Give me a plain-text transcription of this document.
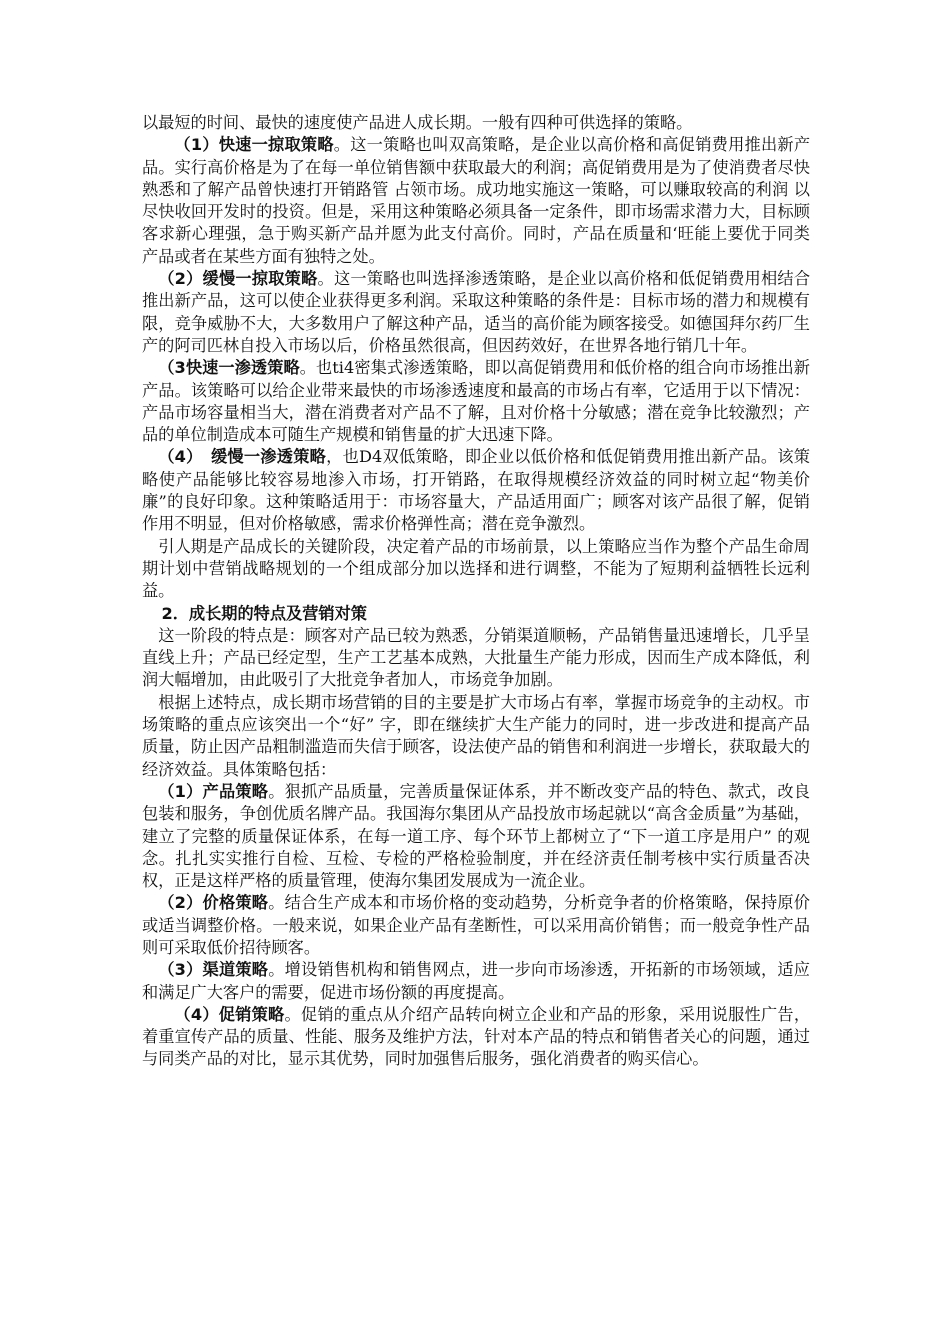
以最短的时间、最快的速度使产品进人成长期。一般有四种可供选择的策略。

（1）快速一掠取策略。这一策略也叫双高策略，是企业以高价格和高促销费用推出新产 品。实行高价格是为了在每一单位销售额中获取最大的利润；高促销费用是为了使消费者尽快熟悉和了解产品曾快速打开销路管 占领市场。成功地实施这一策略，可以赚取较高的利润 以尽快收回开发时的投资。但是，采用这种策略必须具备一定条件，即市场需求潜力大，目标顾客求新心理强，急于购买新产品并愿为此支付高价。同时，产品在质量和‘旺能上要优于同类产品或者在某些方面有独特之处。

（2）缓慢一掠取策略。这一策略也叫选择渗透策略，是企业以高价格和低促销费用相结合推出新产品，这可以使企业获得更多利润。采取这种策略的条件是：目标市场的潜力和规模有限，竞争威胁不大，大多数用户了解这种产品，适当的高价能为顾客接受。如德国拜尔药厂生产的阿司匹林自投入市场以后，价格虽然很高，但因药效好，在世界各地行销几十年。

（3快速一渗透策略。也ti4密集式渗透策略，即以高促销费用和低价格的组合向市场推出新产品。该策略可以给企业带来最快的市场渗透速度和最高的市场占有率，它适用于以下情况：产品市场容量相当大，潜在消费者对产品不了解，且对价格十分敏感；潜在竞争比较激烈；产品的单位制造成本可随生产规模和销售量的扩大迅速下降。

（4）　缓慢一渗透策略，也D4双低策略，即企业以低价格和低促销费用推出新产品。该策略使产品能够比较容易地渗入市场，打开销路，在取得规模经济效益的同时树立起“物美价廉”的良好印象。这种策略适用于：市场容量大，产品适用面广；顾客对该产品很了解，促销作用不明显，但对价格敏感，需求价格弹性高；潜在竞争激烈。

引人期是产品成长的关键阶段，决定着产品的市场前景，以上策略应当作为整个产品生命周期计划中营销战略规划的一个组成部分加以选择和进行调整，不能为了短期利益牺牲长远利益。

2．成长期的特点及营销对策

这一阶段的特点是：顾客对产品已较为熟悉，分销渠道顺畅，产品销售量迅速增长，几乎呈直线上升；产品已经定型，生产工艺基本成熟，大批量生产能力形成，因而生产成本降低，利润大幅增加，由此吸引了大批竞争者加人，市场竞争加剧。

根据上述特点，成长期市场营销的目的主要是扩大市场占有率，掌握市场竞争的主动权。市场策略的重点应该突出一个“好” 字，即在继续扩大生产能力的同时，进一步改进和提高产品质量，防止因产品粗制滥造而失信于顾客，设法使产品的销售和利润进一步增长，获取最大的经济效益。具体策略包括：

（1）产品策略。狠抓产品质量，完善质量保证体系，并不断改变产品的特色、款式，改良包装和服务，争创优质名牌产品。我国海尔集团从产品投放市场起就以“高含金质量”为基础，建立了完整的质量保证体系，在每一道工序、每个环节上都树立了“下一道工序是用户” 的观念。扎扎实实推行自检、互检、专检的严格检验制度，并在经济责任制考核中实行质量否决权，正是这样严格的质量管理，使海尔集团发展成为一流企业。

（2）价格策略。结合生产成本和市场价格的变动趋势，分析竞争者的价格策略，保持原价或适当调整价格。一般来说，如果企业产品有垄断性，可以采用高价销售；而一般竞争性产品则可采取低价招待顾客。

（3）渠道策略。增设销售机构和销售网点，进一步向市场渗透，开拓新的市场领域，适应和满足广大客户的需要，促进市场份额的再度提高。

（4）促销策略。促销的重点从介绍产品转向树立企业和产品的形象，采用说服性广告，着重宣传产品的质量、性能、服务及维护方法，针对本产品的特点和销售者关心的问题，通过与同类产品的对比，显示其优势，同时加强售后服务，强化消费者的购买信心。
